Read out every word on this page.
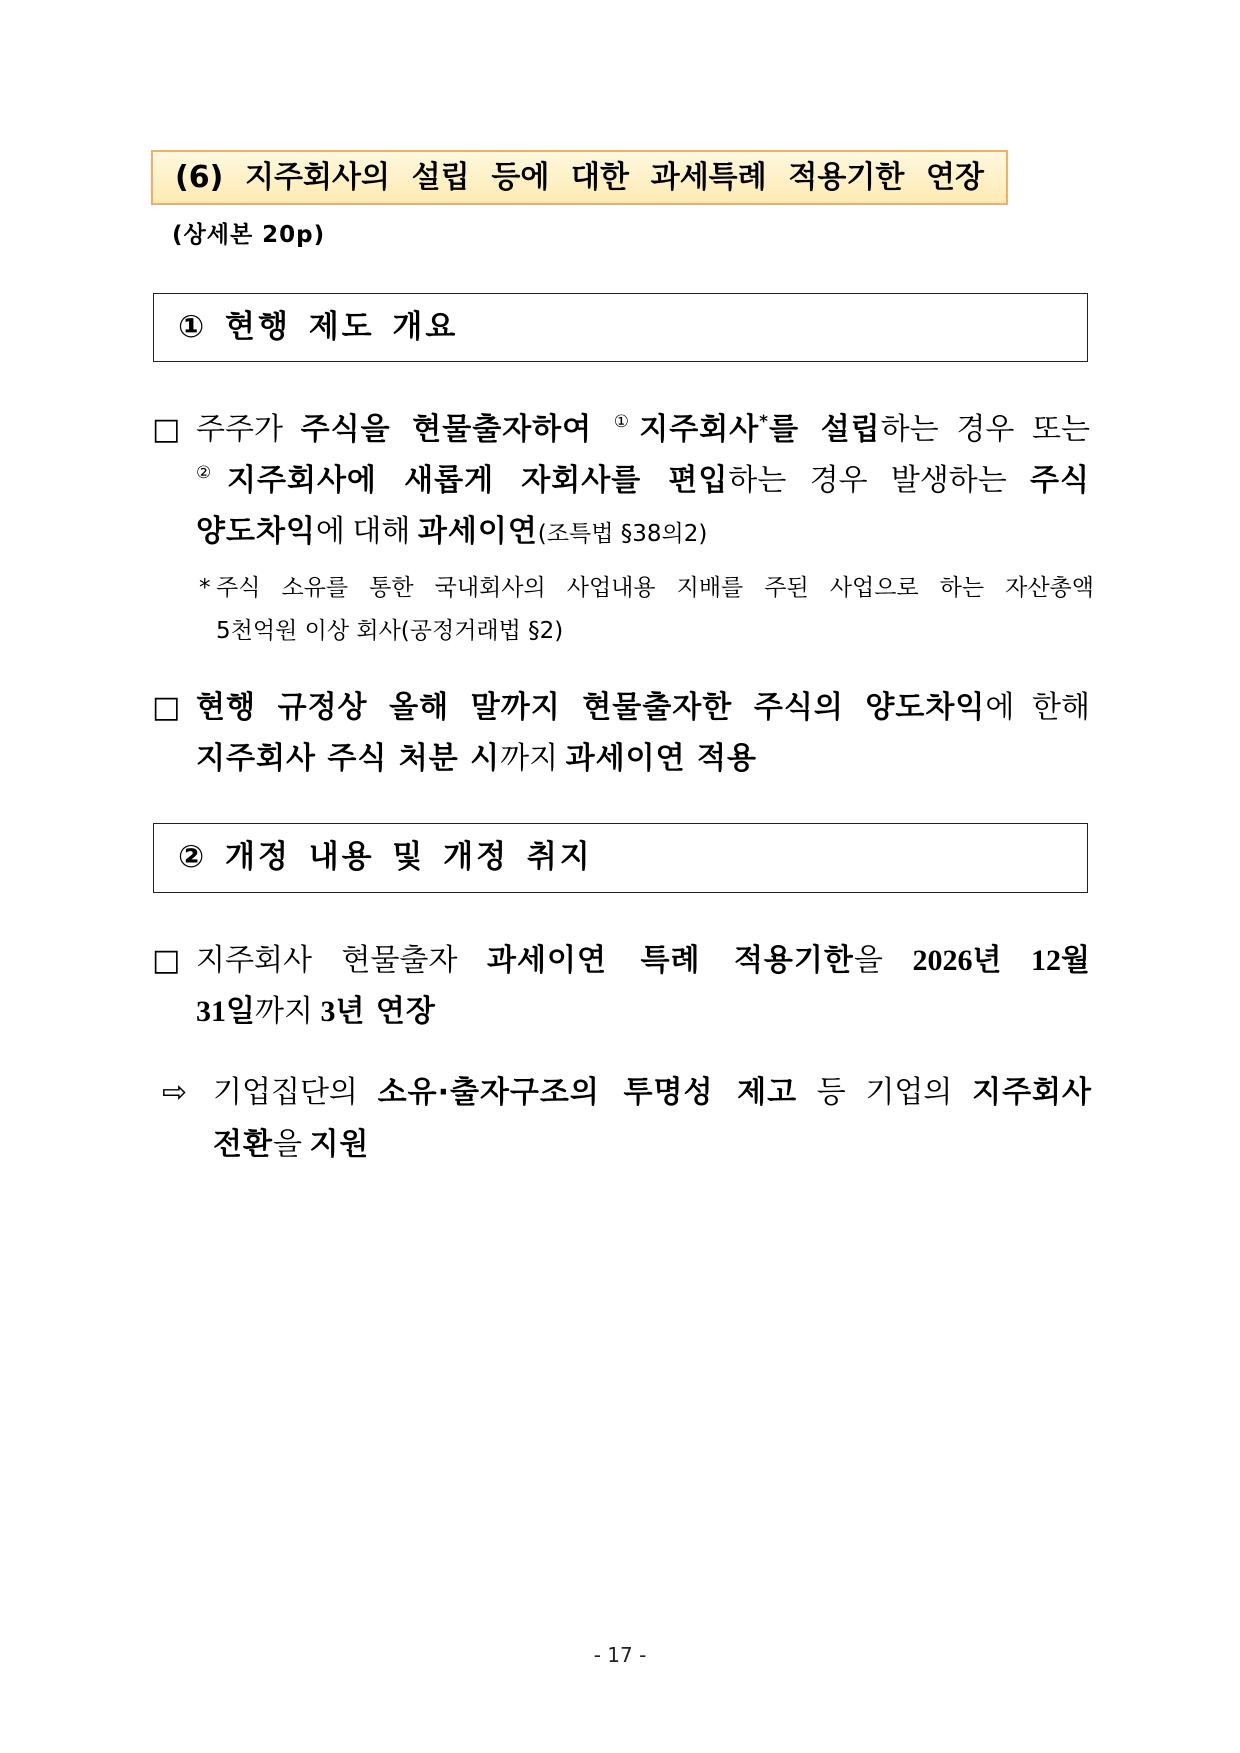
(6) 지주회사의 설립 등에 대한 과세특례 적용기한 연장
(상세본 20p)
① 현행 제도 개요
□ 주주가 주식을 현물출자하여 ①지주회사*를 설립하는 경우 또는
②지주회사에 새롭게 자회사를 편입하는 경우 발생하는 주식
양도차익에 대해 과세이연(조특법 §38의2)
* 주식 소유를 통한 국내회사의 사업내용 지배를 주된 사업으로 하는 자산총액
5천억원 이상 회사(공정거래법 §2)
□ 현행 규정상 올해 말까지 현물출자한 주식의 양도차익에 한해
지주회사 주식 처분 시까지 과세이연 적용
② 개정 내용 및 개정 취지
□ 지주회사 현물출자 과세이연 특례 적용기한을 2026년 12월
31일까지 3년 연장
⇨ 기업집단의 소유·출자구조의 투명성 제고 등 기업의 지주회사
전환을 지원
- 17 -
